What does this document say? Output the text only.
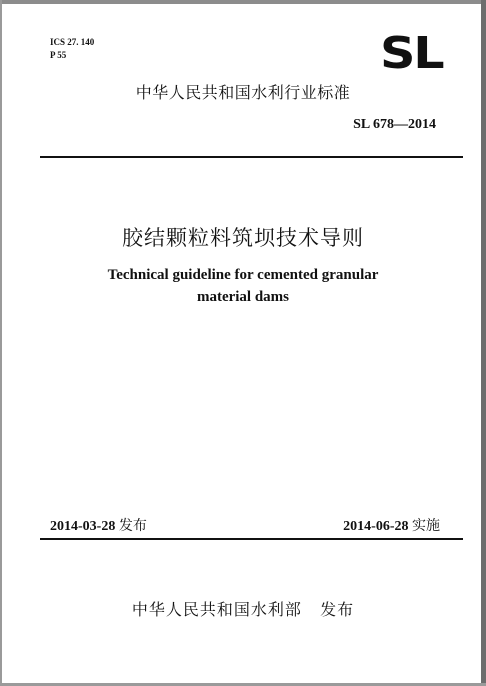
ICS 27. 140
P 55	SL
中华人民共和国水利行业标准
SL 678—2014
胶结颗粒料筑坝技术导则
Technical guideline for cemented granular
material dams
2014-03-28 发布	2014-06-28 实施
中华人民共和国水利部   发布
